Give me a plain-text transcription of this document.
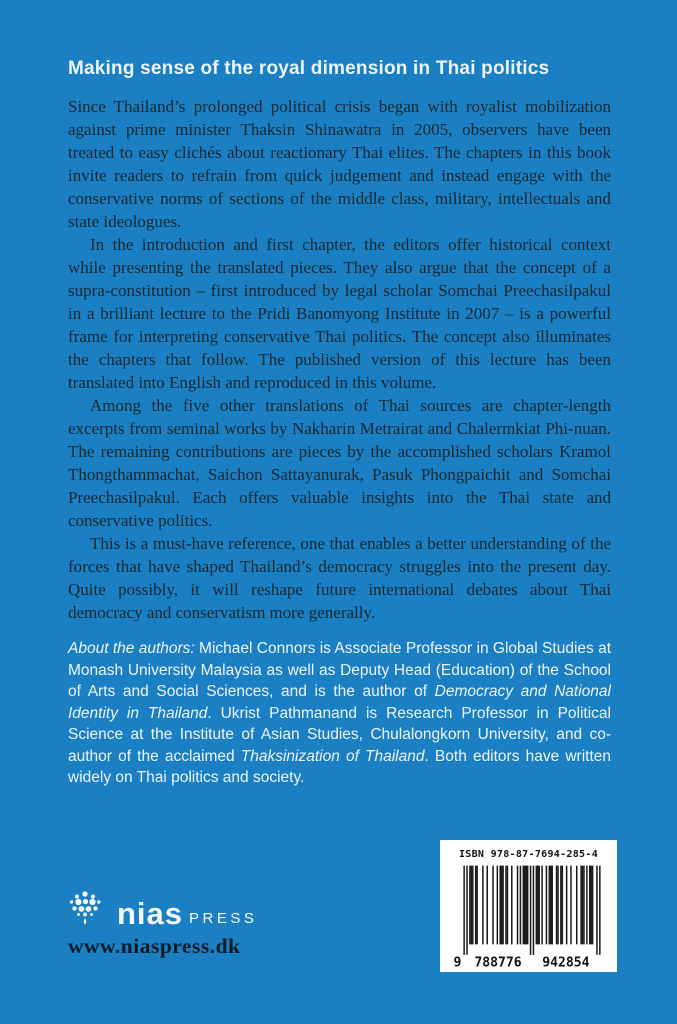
Making sense of the royal dimension in Thai politics

Since Thailand’s prolonged political crisis began with royalist mobilization against prime minister Thaksin Shinawatra in 2005, observers have been treated to easy clichés about reactionary Thai elites. The chapters in this book invite readers to refrain from quick judgement and instead engage with the conservative norms of sections of the middle class, military, intellectuals and state ideologues.

In the introduction and first chapter, the editors offer historical context while presenting the translated pieces. They also argue that the concept of a supra-constitution – first introduced by legal scholar Somchai Preechasilpakul in a brilliant lecture to the Pridi Banomyong Institute in 2007 – is a powerful frame for interpreting conservative Thai politics. The concept also illuminates the chapters that follow. The published version of this lecture has been translated into English and reproduced in this volume.

Among the five other translations of Thai sources are chapter-length excerpts from seminal works by Nakharin Metrairat and Chalermkiat Phi-nuan. The remaining contributions are pieces by the accomplished scholars Kramol Thongthammachat, Saichon Sattayanurak, Pasuk Phongpaichit and Somchai Preechasilpakul. Each offers valuable insights into the Thai state and conservative politics.

This is a must-have reference, one that enables a better understanding of the forces that have shaped Thailand’s democracy struggles into the present day. Quite possibly, it will reshape future international debates about Thai democracy and conservatism more generally.

About the authors: Michael Connors is Associate Professor in Global Studies at Monash University Malaysia as well as Deputy Head (Education) of the School of Arts and Social Sciences, and is the author of Democracy and National Identity in Thailand. Ukrist Pathmanand is Research Professor in Political Science at the Institute of Asian Studies, Chulalongkorn University, and co-author of the acclaimed Thaksinization of Thailand. Both editors have written widely on Thai politics and society.

ISBN 978-87-7694-285-4
9 788776 942854
nias PRESS
www.niaspress.dk
